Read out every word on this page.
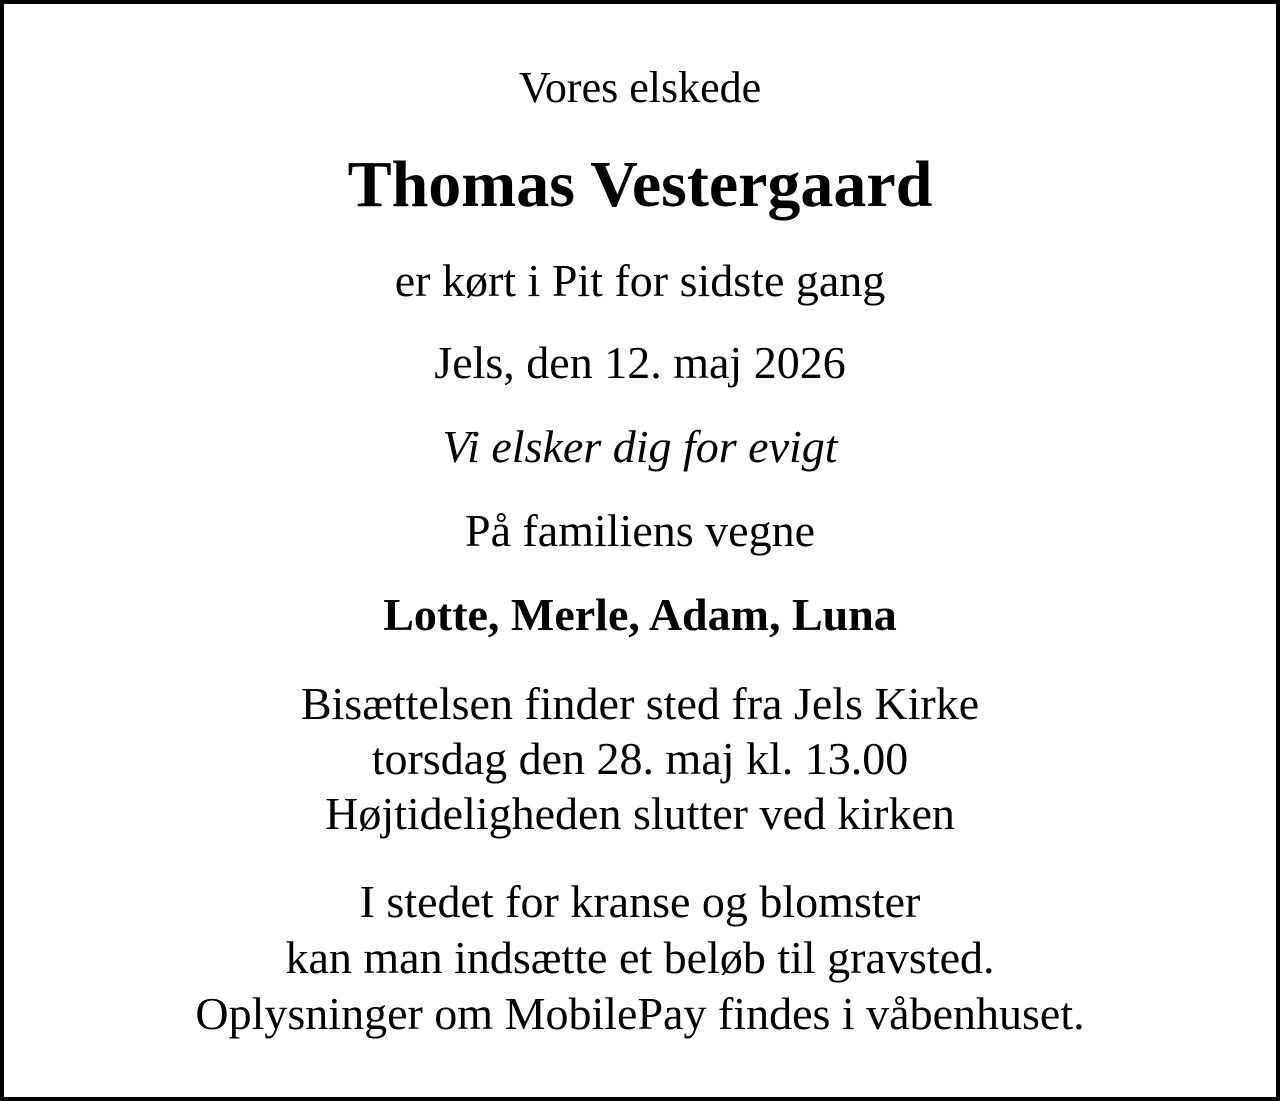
Vores elskede
Thomas Vestergaard
er kørt i Pit for sidste gang
Jels, den 12. maj 2026
Vi elsker dig for evigt
På familiens vegne
Lotte, Merle, Adam, Luna
Bisættelsen finder sted fra Jels Kirke
torsdag den 28. maj kl. 13.00
Højtideligheden slutter ved kirken
I stedet for kranse og blomster
kan man indsætte et beløb til gravsted.
Oplysninger om MobilePay findes i våbenhuset.
